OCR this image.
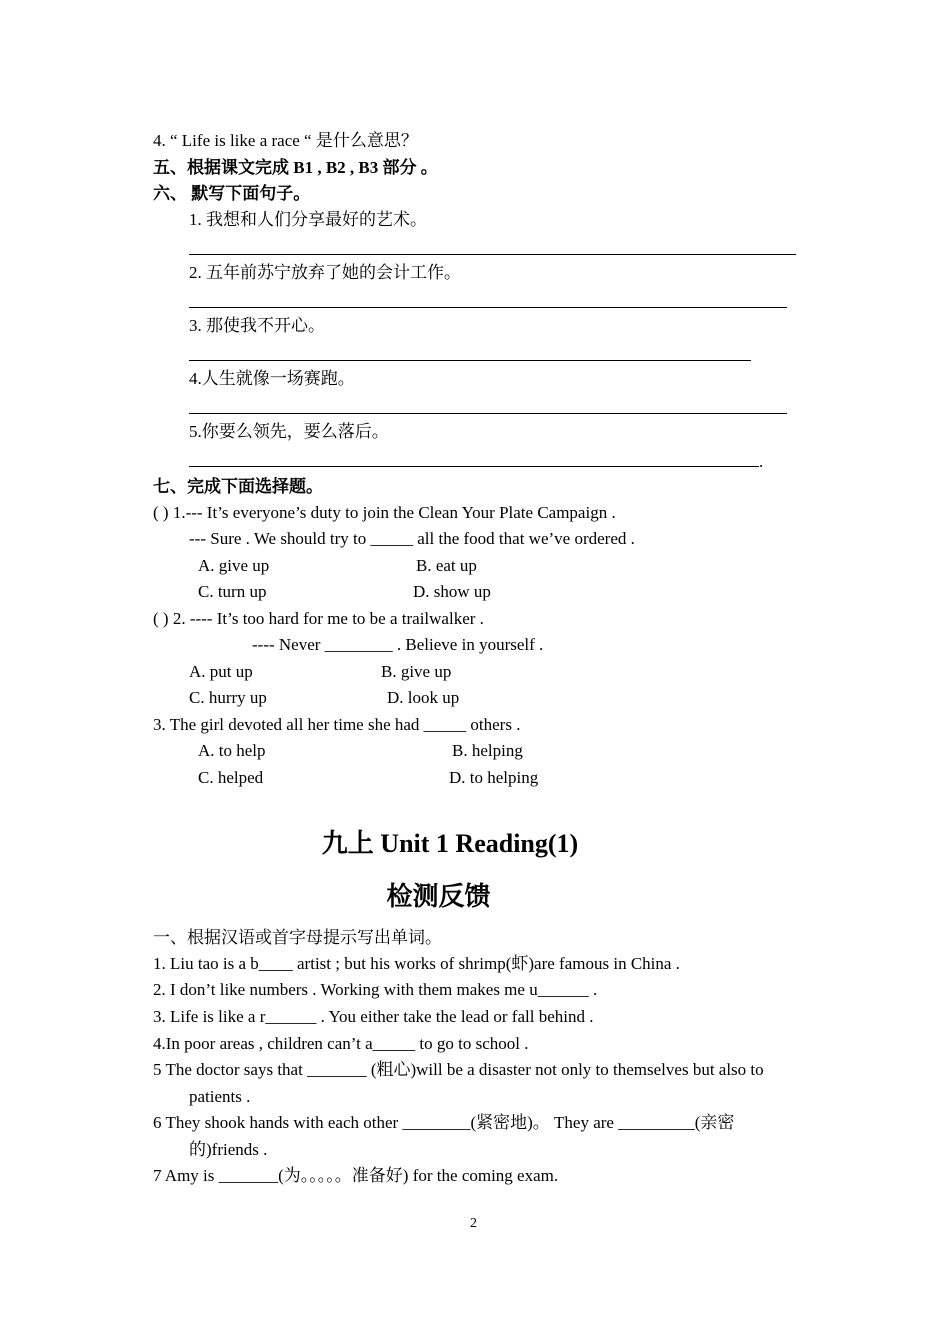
4. “ Life is like a race “ 是什么意思？
五、根据课文完成 B1 , B2 , B3 部分 。
六、 默写下面句子。
1. 我想和人们分享最好的艺术。
2. 五年前苏宁放弃了她的会计工作。
3. 那使我不开心。
4.人生就像一场赛跑。
5.你要么领先，要么落后。
.
七、完成下面选择题。
( ) 1.--- It’s everyone’s duty to join the Clean Your Plate Campaign .
--- Sure . We should try to _____ all the food that we’ve ordered .
A. give up	B. eat up
C. turn up	D. show up
( ) 2. ---- It’s too hard for me to be a trailwalker .
---- Never ________ . Believe in yourself .
A. put up	B. give up
C. hurry up	D. look up
3. The girl devoted all her time she had _____ others .
A. to help	B. helping
C. helped	D. to helping
九上 Unit 1 Reading(1)
检测反馈
一、根据汉语或首字母提示写出单词。
1. Liu tao is a b____ artist ; but his works of shrimp(虾)are famous in China .
2. I don’t like numbers . Working with them makes me u______ .
3. Life is like a r______ . You either take the lead or fall behind .
4.In poor areas , children can’t a_____ to go to school .
5 The doctor says that _______ (粗心)will be a disaster not only to themselves but also to
patients .
6 They shook hands with each other ________(紧密地)。 They are _________(亲密
的)friends .
7 Amy is _______(为。。。。。准备好) for the coming exam.
2
